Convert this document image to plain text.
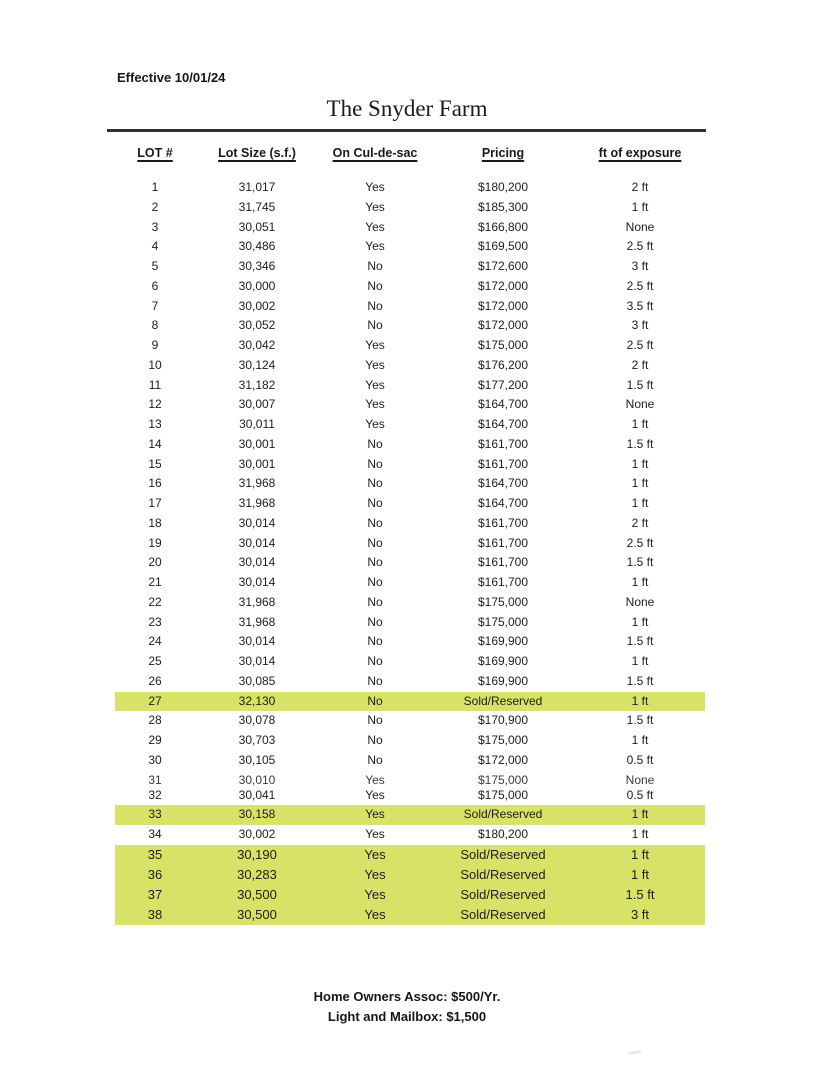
Effective 10/01/24
The Snyder Farm
LOT #	Lot Size (s.f.)	On Cul-de-sac	Pricing	ft of exposure
1	31,017	Yes	$180,200	2 ft
2	31,745	Yes	$185,300	1 ft
3	30,051	Yes	$166,800	None
4	30,486	Yes	$169,500	2.5 ft
5	30,346	No	$172,600	3 ft
6	30,000	No	$172,000	2.5 ft
7	30,002	No	$172,000	3.5 ft
8	30,052	No	$172,000	3 ft
9	30,042	Yes	$175,000	2.5 ft
10	30,124	Yes	$176,200	2 ft
11	31,182	Yes	$177,200	1.5 ft
12	30,007	Yes	$164,700	None
13	30,011	Yes	$164,700	1 ft
14	30,001	No	$161,700	1.5 ft
15	30,001	No	$161,700	1 ft
16	31,968	No	$164,700	1 ft
17	31,968	No	$164,700	1 ft
18	30,014	No	$161,700	2 ft
19	30,014	No	$161,700	2.5 ft
20	30,014	No	$161,700	1.5 ft
21	30,014	No	$161,700	1 ft
22	31,968	No	$175,000	None
23	31,968	No	$175,000	1 ft
24	30,014	No	$169,900	1.5 ft
25	30,014	No	$169,900	1 ft
26	30,085	No	$169,900	1.5 ft
27	32,130	No	Sold/Reserved	1 ft
28	30,078	No	$170,900	1.5 ft
29	30,703	No	$175,000	1 ft
30	30,105	No	$172,000	0.5 ft
31	30,010	Yes	$175,000	None
32	30,041	Yes	$175,000	0.5 ft
33	30,158	Yes	Sold/Reserved	1 ft
34	30,002	Yes	$180,200	1 ft
35	30,190	Yes	Sold/Reserved	1 ft
36	30,283	Yes	Sold/Reserved	1 ft
37	30,500	Yes	Sold/Reserved	1.5 ft
38	30,500	Yes	Sold/Reserved	3 ft
Home Owners Assoc: $500/Yr.
Light and Mailbox: $1,500
